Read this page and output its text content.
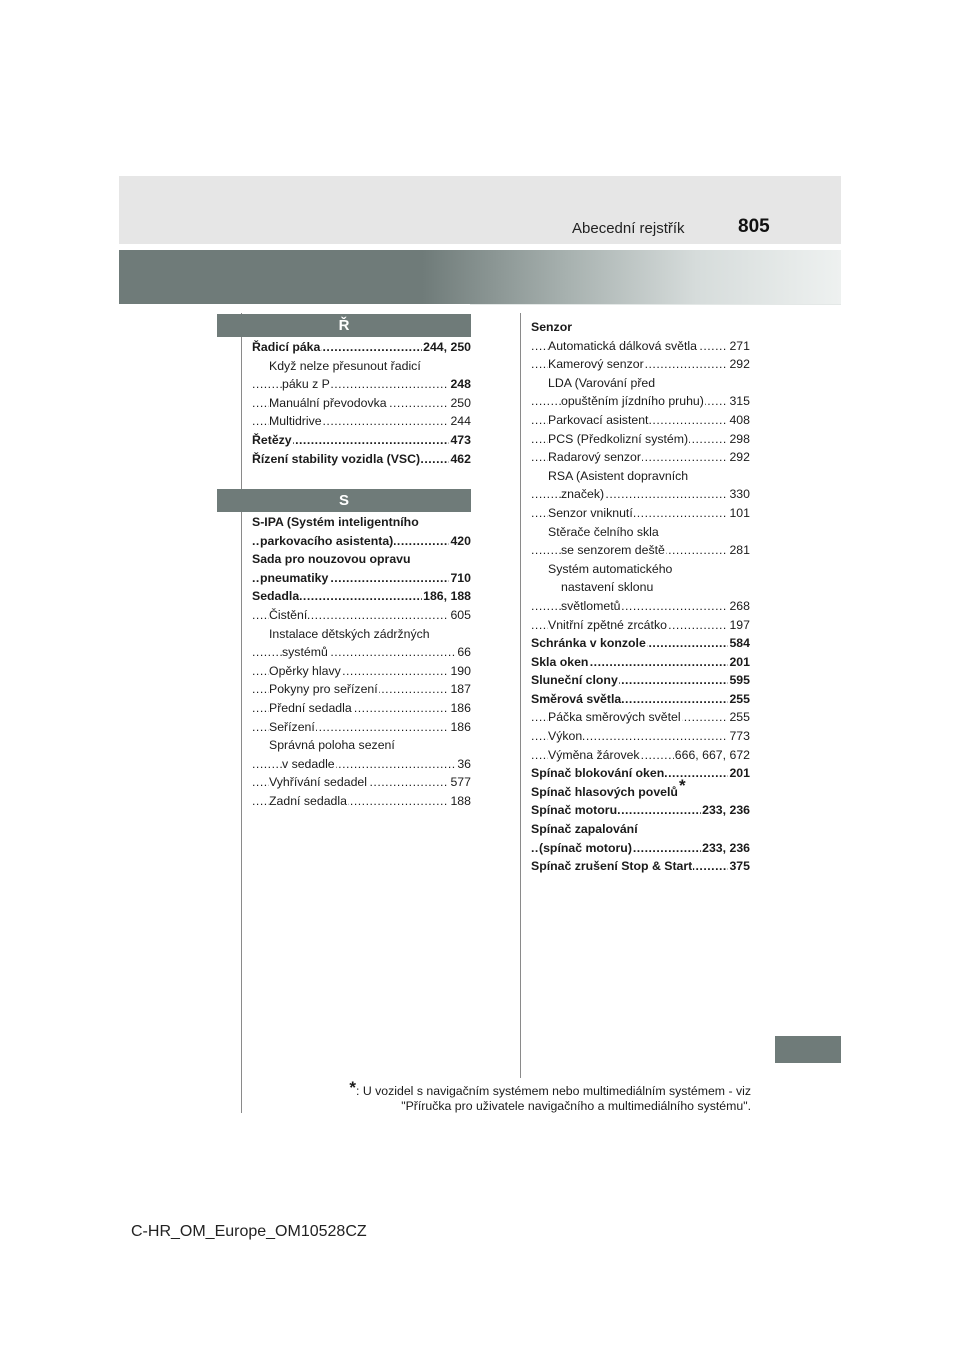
Abecední rejstřík	805
Ř
..... Řadicí páka	244, 250
Když nelze přesunout řadicí
..... páku z P	248
..... Manuální převodovka	250
..... Multidrive	244
..... Řetězy	473
..... Řízení stability vozidla (VSC) 462
S
S-IPA (Systém inteligentního
..... parkovacího asistenta)	420
Sada pro nouzovou opravu
..... pneumatiky	710
..... Sedadla	186, 188
..... Čistění	605
Instalace dětských zádržných
..... systémů	66
..... Opěrky hlavy	190
..... Pokyny pro seřízení	187
..... Přední sedadla	186
..... Seřízení	186
Správná poloha sezení
..... v sedadle	36
..... Vyhřívání sedadel	577
..... Zadní sedadla	188
Senzor
..... Automatická dálková světla	271
..... Kamerový senzor	292
LDA (Varování před
..... opuštěním jízdního pruhu) 315
..... Parkovací asistent	408
..... PCS (Předkolizní systém)	298
..... Radarový senzor	292
RSA (Asistent dopravních
..... značek)	330
..... Senzor vniknutí	101
Stěrače čelního skla
..... se senzorem deště	281
Systém automatického
nastavení sklonu
..... světlometů	268
..... Vnitřní zpětné zrcátko	197
..... Schránka v konzole	584
..... Skla oken	201
..... Sluneční clony	595
..... Směrová světla	255
..... Páčka směrových světel	255
..... Výkon	773
..... Výměna žárovek	666, 667, 672
..... Spínač blokování oken	201
Spínač hlasových povelů*
..... Spínač motoru	233, 236
Spínač zapalování
..... (spínač motoru)	233, 236
..... Spínač zrušení Stop & Start	375
*: U vozidel s navigačním systémem nebo multimediálním systémem - viz
"Příručka pro uživatele navigačního a multimediálního systému".
C-HR_OM_Europe_OM10528CZ
